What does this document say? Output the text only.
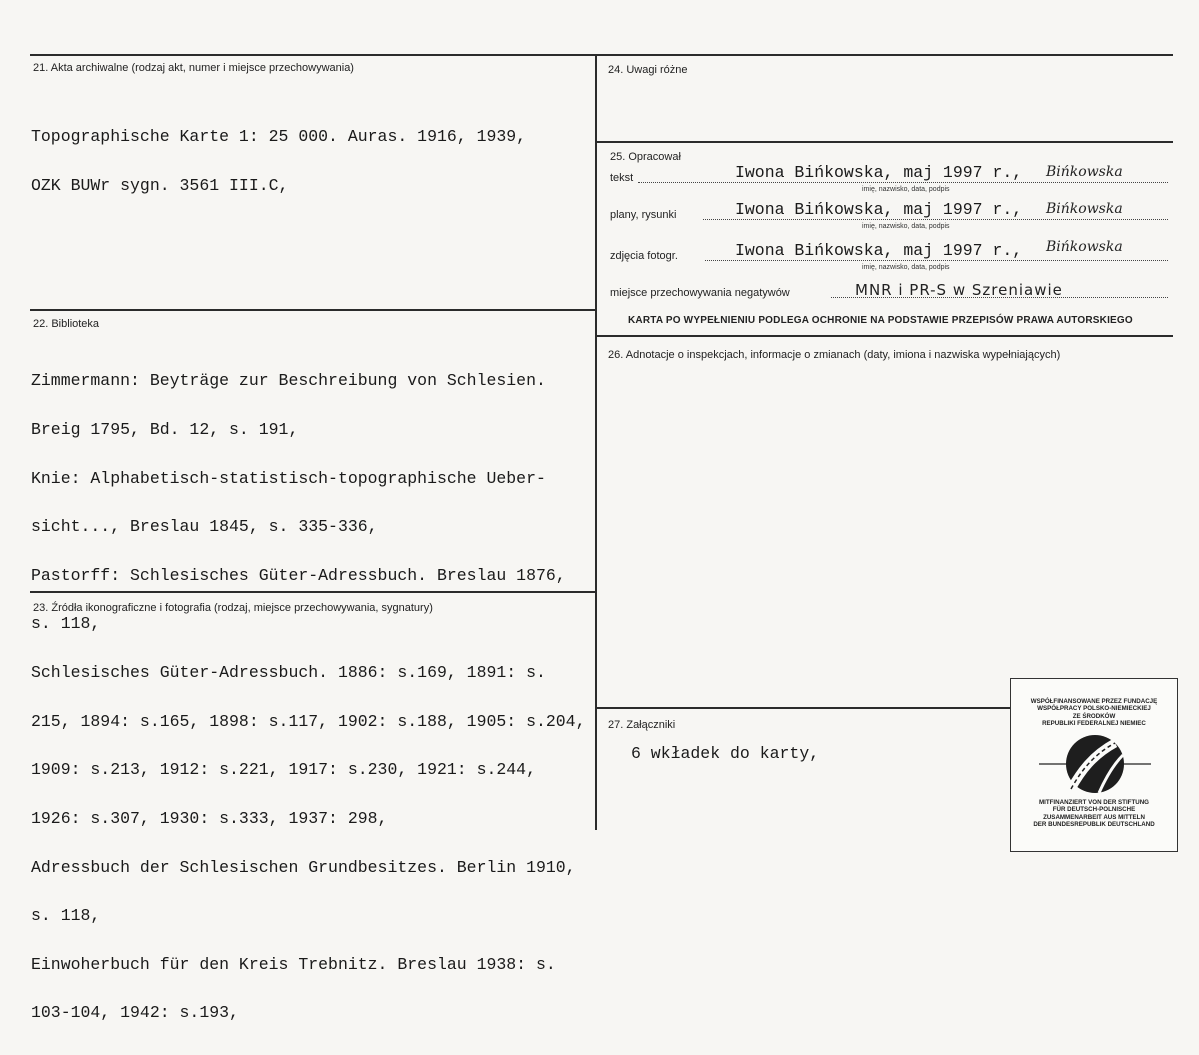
21. Akta archiwalne (rodzaj akt, numer i miejsce przechowywania)

Topographische Karte 1: 25 000. Auras. 1916, 1939,

OZK BUWr sygn. 3561 III.C,

22. Biblioteka

Zimmermann: Beyträge zur Beschreibung von Schlesien.

Breig 1795, Bd. 12, s. 191,

Knie: Alphabetisch-statistisch-topographische Ueber-

sicht..., Breslau 1845, s. 335-336,

Pastorff: Schlesisches Güter-Adressbuch. Breslau 1876,

s. 118,

Schlesisches Güter-Adressbuch. 1886: s.169, 1891: s.

215, 1894: s.165, 1898: s.117, 1902: s.188, 1905: s.204,

1909: s.213, 1912: s.221, 1917: s.230, 1921: s.244,

1926: s.307, 1930: s.333, 1937: 298,

Adressbuch der Schlesischen Grundbesitzes. Berlin 1910,

s. 118,

Einwoherbuch für den Kreis Trebnitz. Breslau 1938: s.

103-104, 1942: s.193,

23. Źródła ikonograficzne i fotografia (rodzaj, miejsce przechowywania, sygnatury)
24. Uwagi różne
25. Opracował
tekst	Iwona Bińkowska, maj 1997 r., Bińkowska
imię, nazwisko, data, podpis
plany, rysunki	Iwona Bińkowska, maj 1997 r., Bińkowska
imię, nazwisko, data, podpis
zdjęcia fotogr.	Iwona Bińkowska, maj 1997 r., Bińkowska
imię, nazwisko, data, podpis
miejsce przechowywania negatywów	MNR i PR-S w Szreniawie
KARTA PO WYPEŁNIENIU PODLEGA OCHRONIE NA PODSTAWIE PRZEPISÓW PRAWA AUTORSKIEGO
26. Adnotacje o inspekcjach, informacje o zmianach (daty, imiona i nazwiska wypełniających)
27. Załączniki
6 wkładek do karty,
WSPÓŁFINANSOWANE PRZEZ FUNDACJĘ
WSPÓŁPRACY POLSKO-NIEMIECKIEJ
ZE ŚRODKÓW
REPUBLIKI FEDERALNEJ NIEMIEC
MITFINANZIERT VON DER STIFTUNG
FÜR DEUTSCH-POLNISCHE
ZUSAMMENARBEIT AUS MITTELN
DER BUNDESREPUBLIK DEUTSCHLAND
